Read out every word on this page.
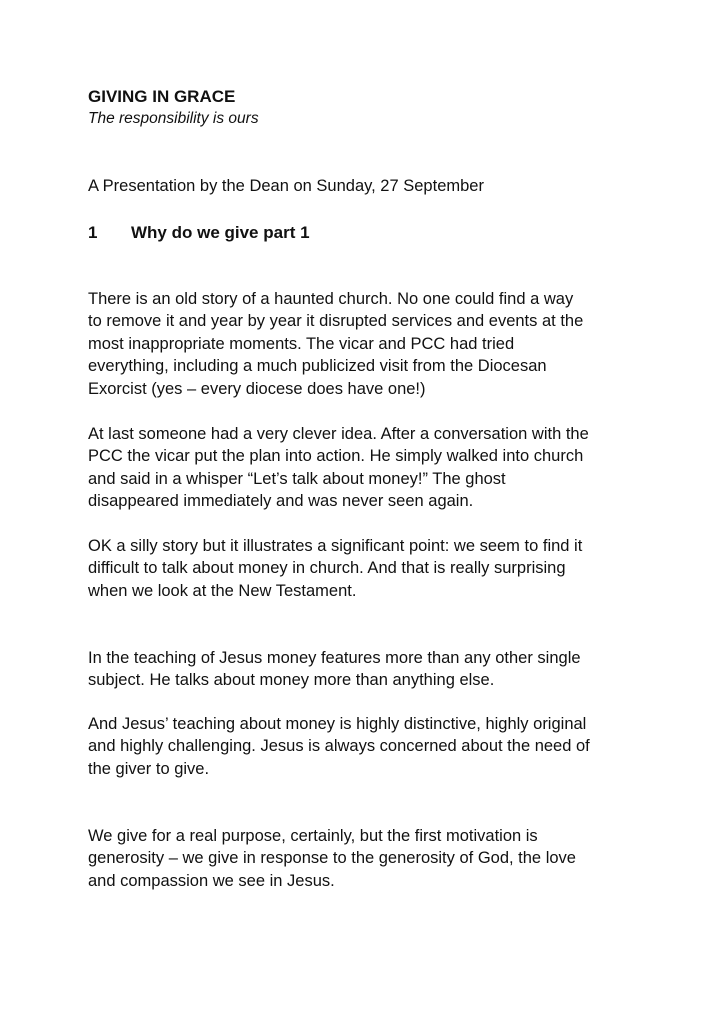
GIVING IN GRACE
The responsibility is ours
A Presentation by the Dean on Sunday, 27 September
1 Why do we give part 1

There is an old story of a haunted church. No one could find a way
to remove it and year by year it disrupted services and events at the
most inappropriate moments. The vicar and PCC had tried
everything, including a much publicized visit from the Diocesan
Exorcist (yes – every diocese does have one!)

At last someone had a very clever idea. After a conversation with the
PCC the vicar put the plan into action. He simply walked into church
and said in a whisper “Let’s talk about money!” The ghost
disappeared immediately and was never seen again.

OK a silly story but it illustrates a significant point: we seem to find it
difficult to talk about money in church. And that is really surprising
when we look at the New Testament.

In the teaching of Jesus money features more than any other single
subject. He talks about money more than anything else.

And Jesus’ teaching about money is highly distinctive, highly original
and highly challenging. Jesus is always concerned about the need of
the giver to give.

We give for a real purpose, certainly, but the first motivation is
generosity – we give in response to the generosity of God, the love
and compassion we see in Jesus.
